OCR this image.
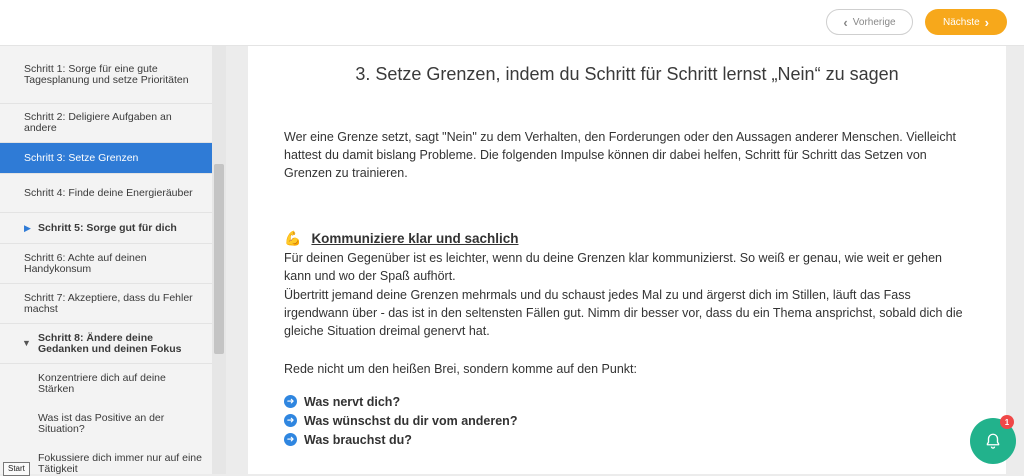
‹ Vorherige	Nächste ›
Schritt 1: Sorge für eine gute Tagesplanung und setze Prioritäten
Schritt 2: Deligiere Aufgaben an andere
Schritt 3: Setze Grenzen
Schritt 4: Finde deine Energieräuber
▶ Schritt 5: Sorge gut für dich
Schritt 6: Achte auf deinen Handykonsum
Schritt 7: Akzeptiere, dass du Fehler machst
▼ Schritt 8: Ändere deine Gedanken und deinen Fokus
Konzentriere dich auf deine Stärken
Was ist das Positive an der Situation?
Fokussiere dich immer nur auf eine Tätigkeit
3. Setze Grenzen, indem du Schritt für Schritt lernst „Nein“ zu sagen

Wer eine Grenze setzt, sagt "Nein" zu dem Verhalten, den Forderungen oder den Aussagen anderer Menschen. Vielleicht hattest du damit bislang Probleme. Die folgenden Impulse können dir dabei helfen, Schritt für Schritt das Setzen von Grenzen zu trainieren.

💪 Kommuniziere klar und sachlich

Für deinen Gegenüber ist es leichter, wenn du deine Grenzen klar kommunizierst. So weiß er genau, wie weit er gehen kann und wo der Spaß aufhört.

Übertritt jemand deine Grenzen mehrmals und du schaust jedes Mal zu und ärgerst dich im Stillen, läuft das Fass irgendwann über - das ist in den seltensten Fällen gut. Nimm dir besser vor, dass du ein Thema ansprichst, sobald dich die gleiche Situation dreimal genervt hat.

Rede nicht um den heißen Brei, sondern komme auf den Punkt:

➜ Was nervt dich?
➜ Was wünschst du dir vom anderen?
➜ Was brauchst du?
1
Start
